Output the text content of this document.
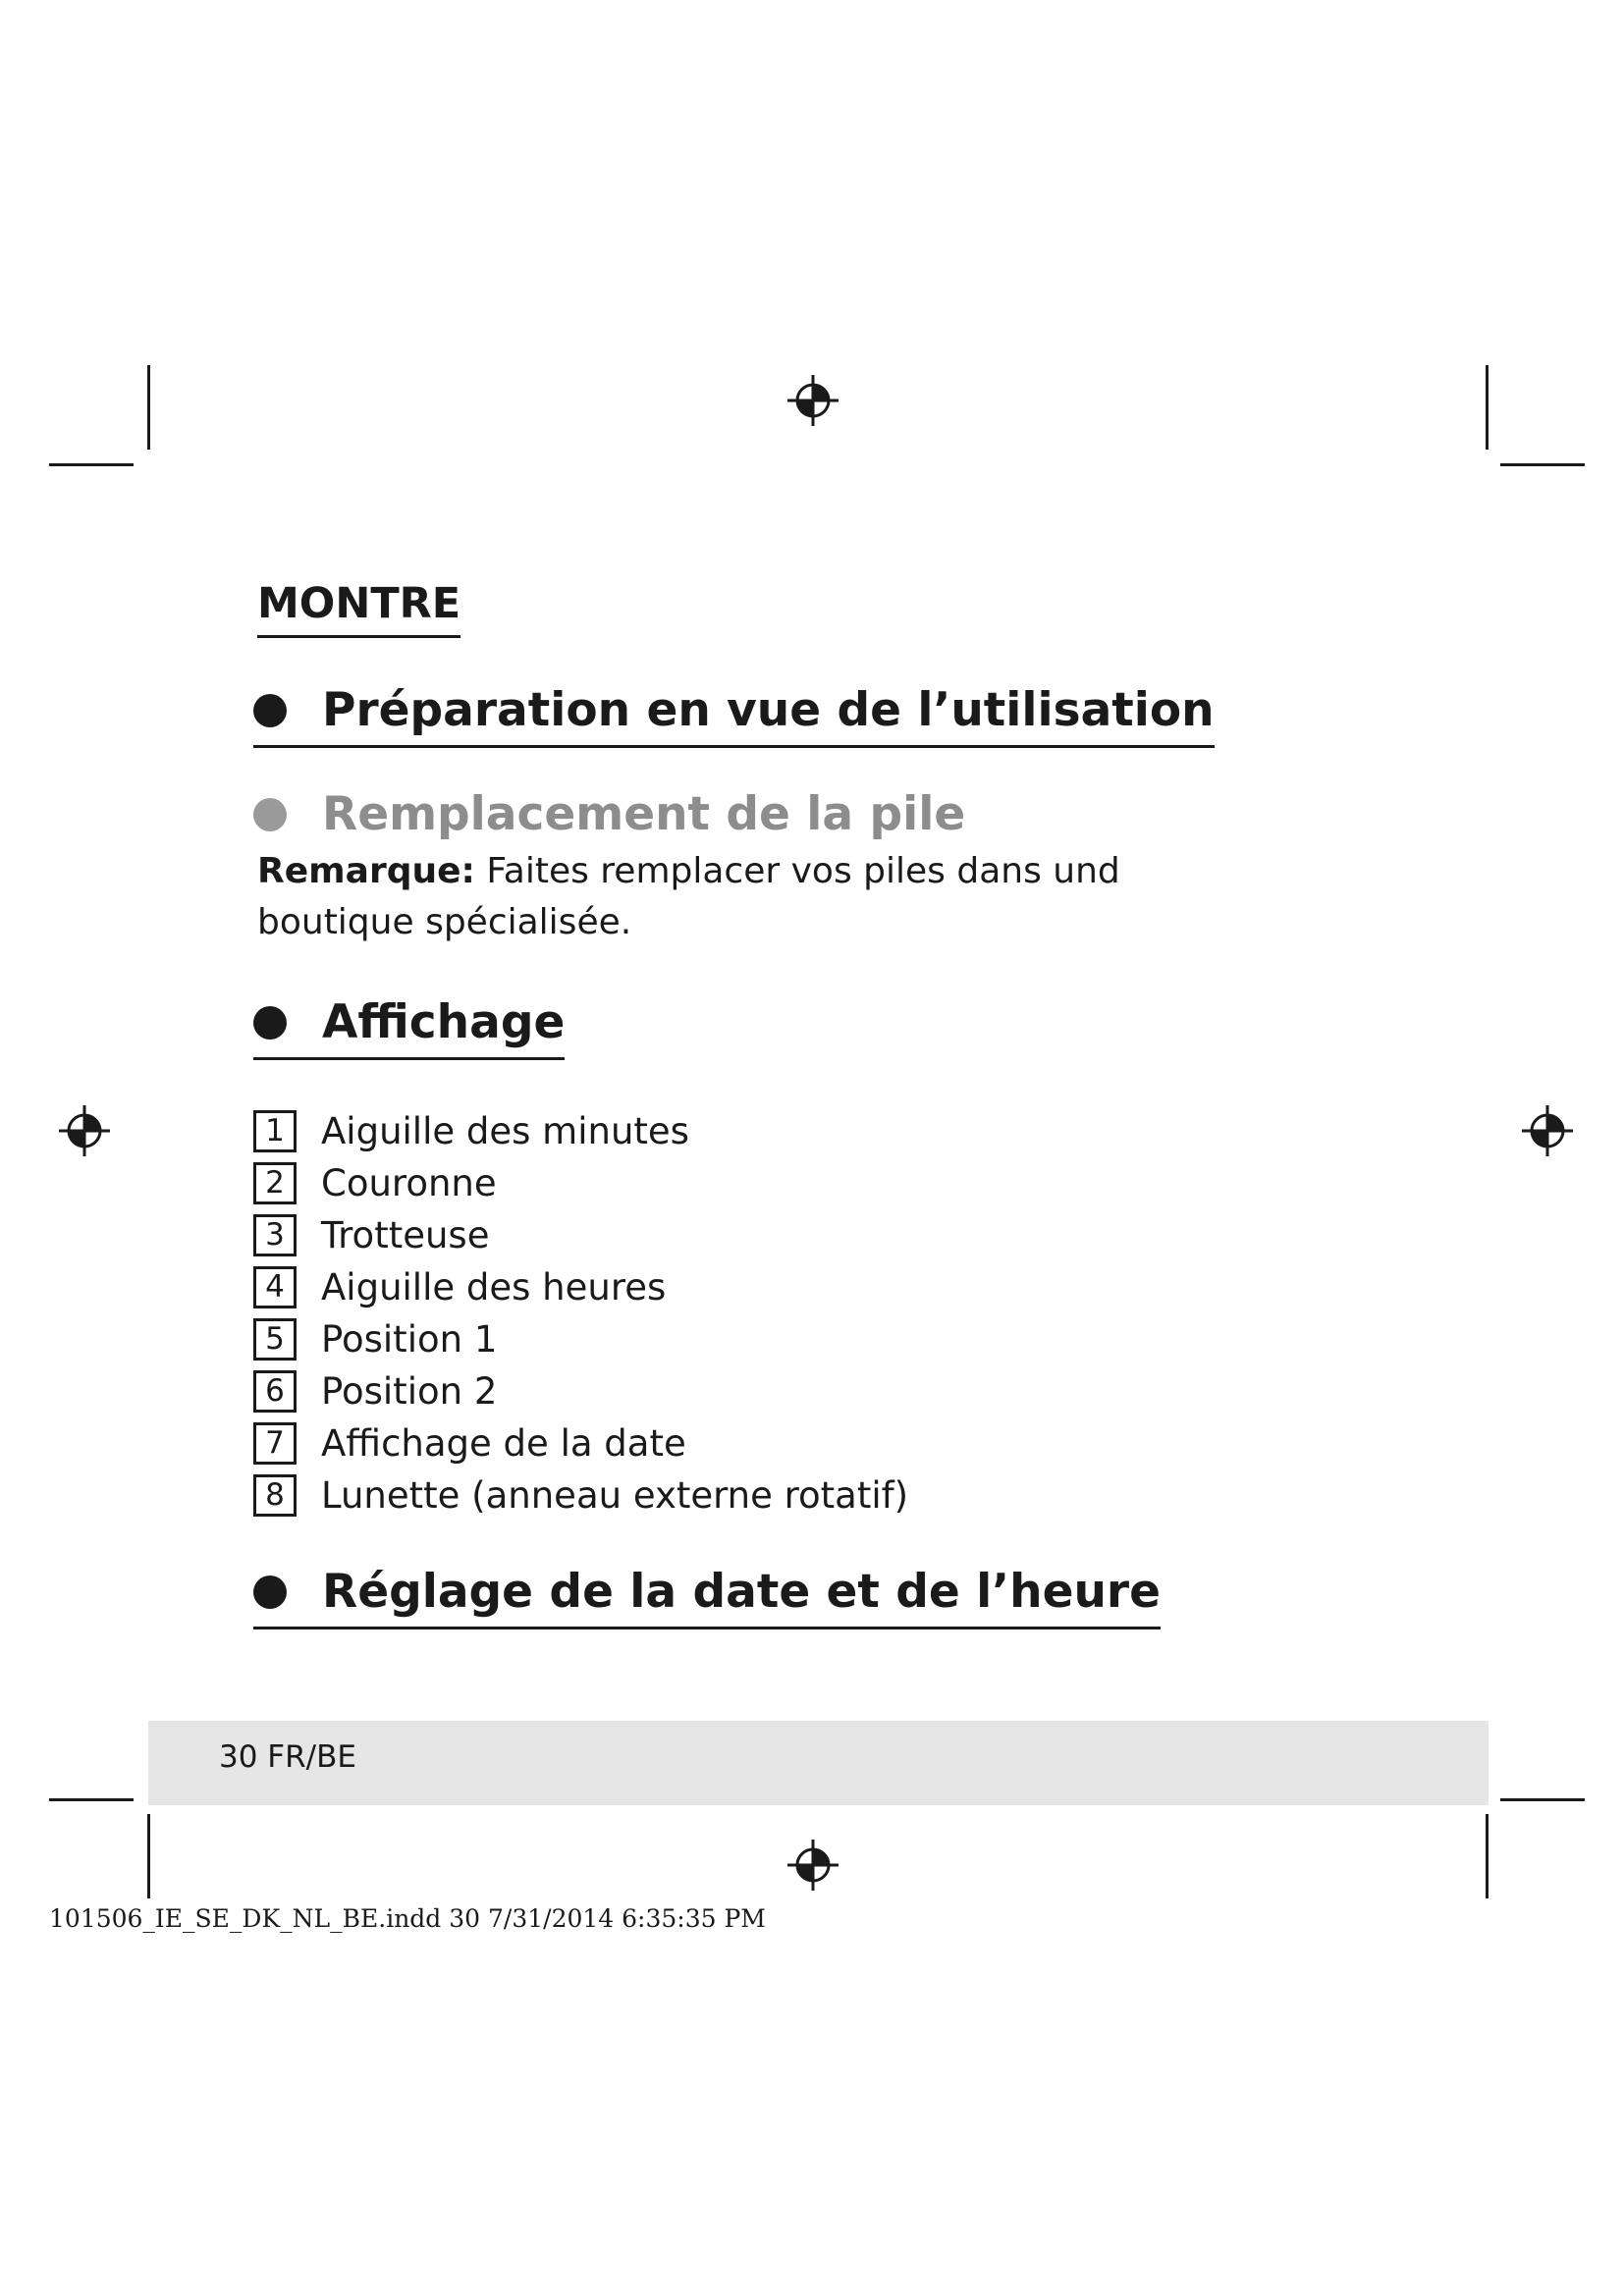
MONTRE
Préparation en vue de l’utilisation
Remplacement de la pile

Remarque: Faites remplacer vos piles dans und boutique spécialisée.

Affichage
1	Aiguille des minutes
2	Couronne
3	Trotteuse
4	Aiguille des heures
5	Position 1
6	Position 2
7	Affichage de la date
8	Lunette (anneau externe rotatif)
Réglage de la date et de l’heure
30 FR/BE
101506_IE_SE_DK_NL_BE.indd 30 7/31/2014 6:35:35 PM
